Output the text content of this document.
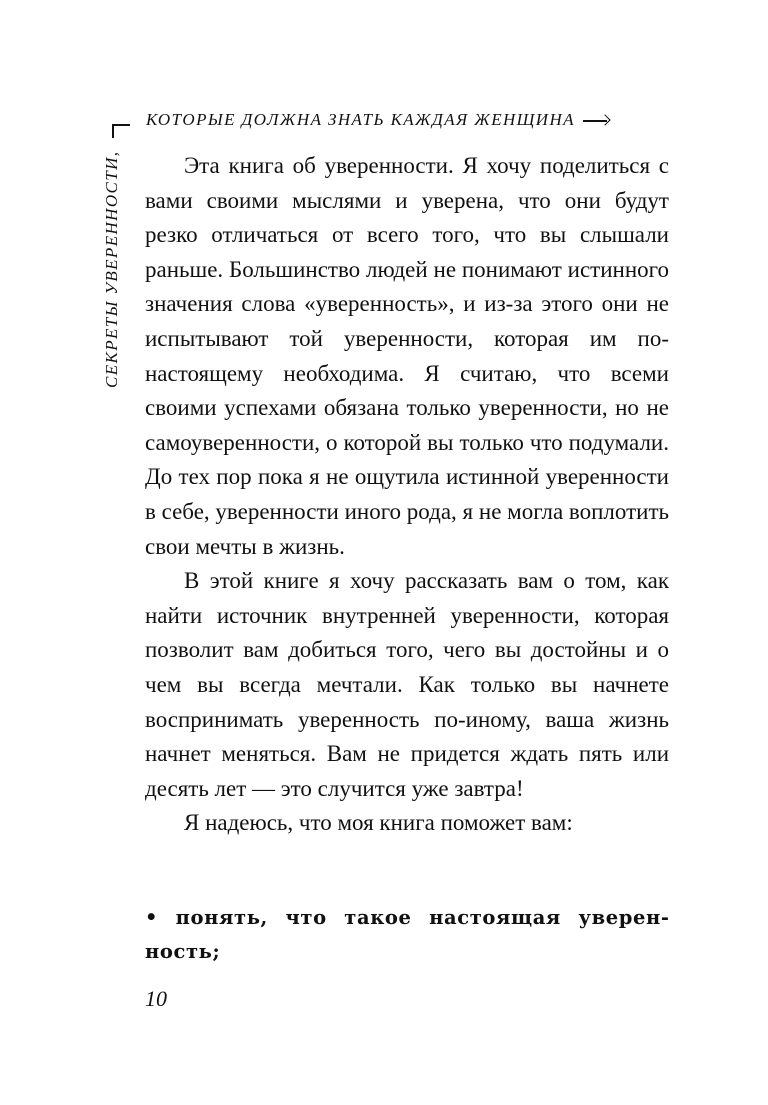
СЕКРЕТЫ УВЕРЕННОСТИ,
КОТОРЫЕ ДОЛЖНА ЗНАТЬ КАЖДАЯ ЖЕНЩИНА

Эта книга об уверенности. Я хочу поделиться с вами своими мыслями и уверена, что они будут резко отличаться от всего того, что вы слышали раньше. Большинство людей не понимают истинного значения слова «уверенность», и из-за этого они не испытывают той уверенности, которая им по-настоящему необходима. Я считаю, что всеми своими успехами обязана только уверенности, но не самоуверенности, о которой вы только что подумали. До тех пор пока я не ощутила истинной уверенности в себе, уверенности иного рода, я не могла воплотить свои мечты в жизнь.

В этой книге я хочу рассказать вам о том, как найти источник внутренней уверенности, которая позволит вам добиться того, чего вы достойны и о чем вы всегда мечтали. Как только вы начнете воспринимать уверенность по-иному, ваша жизнь начнет меняться. Вам не придется ждать пять или десять лет — это случится уже завтра!

Я надеюсь, что моя книга поможет вам:

• понять, что такое настоящая уверенность;
10
